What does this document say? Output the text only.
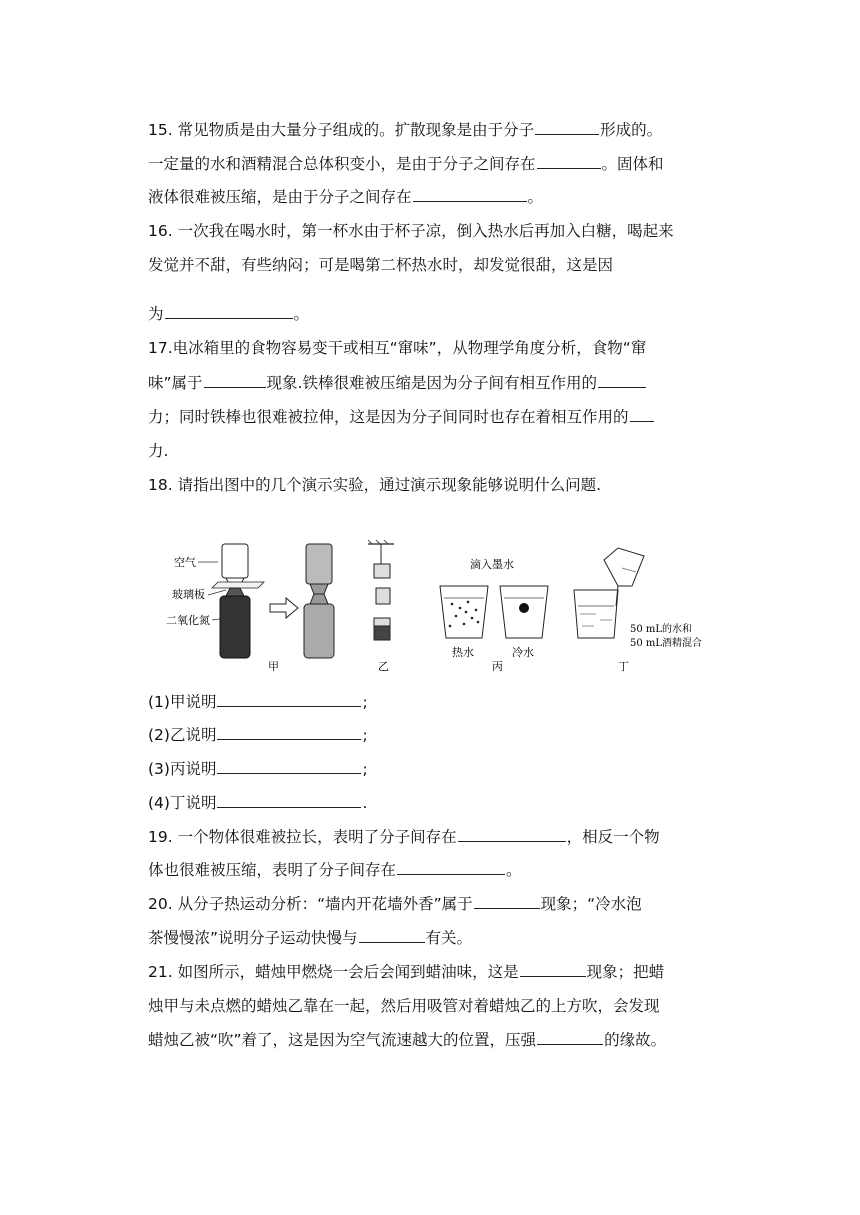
15. 常见物质是由大量分子组成的。扩散现象是由于分子	形成的。
一定量的水和酒精混合总体积变小，是由于分子之间存在	。固体和
液体很难被压缩，是由于分子之间存在	。
16. 一次我在喝水时，第一杯水由于杯子凉，倒入热水后再加入白糖，喝起来
发觉并不甜，有些纳闷；可是喝第二杯热水时，却发觉很甜，这是因
为	。
17.电冰箱里的食物容易变干或相互“窜味”，从物理学角度分析，食物“窜
味”属于	现象.铁棒很难被压缩是因为分子间有相互作用的
力；同时铁棒也很难被拉伸，这是因为分子间同时也存在着相互作用的
力.
18. 请指出图中的几个演示实验，通过演示现象能够说明什么问题.
空气
玻璃板
二氧化氮
甲	乙
滴入墨水
热水	冷水
丙
50 mL的水和
50 mL酒精混合
丁
(1)甲说明	;
(2)乙说明	;
(3)丙说明	;
(4)丁说明	.
19. 一个物体很难被拉长，表明了分子间存在	，相反一个物
体也很难被压缩，表明了分子间存在	。
20. 从分子热运动分析：“墙内开花墙外香”属于	现象；“冷水泡
茶慢慢浓”说明分子运动快慢与	有关。
21. 如图所示，蜡烛甲燃烧一会后会闻到蜡油味，这是	现象；把蜡
烛甲与未点燃的蜡烛乙靠在一起，然后用吸管对着蜡烛乙的上方吹，会发现
蜡烛乙被“吹”着了，这是因为空气流速越大的位置，压强	的缘故。
